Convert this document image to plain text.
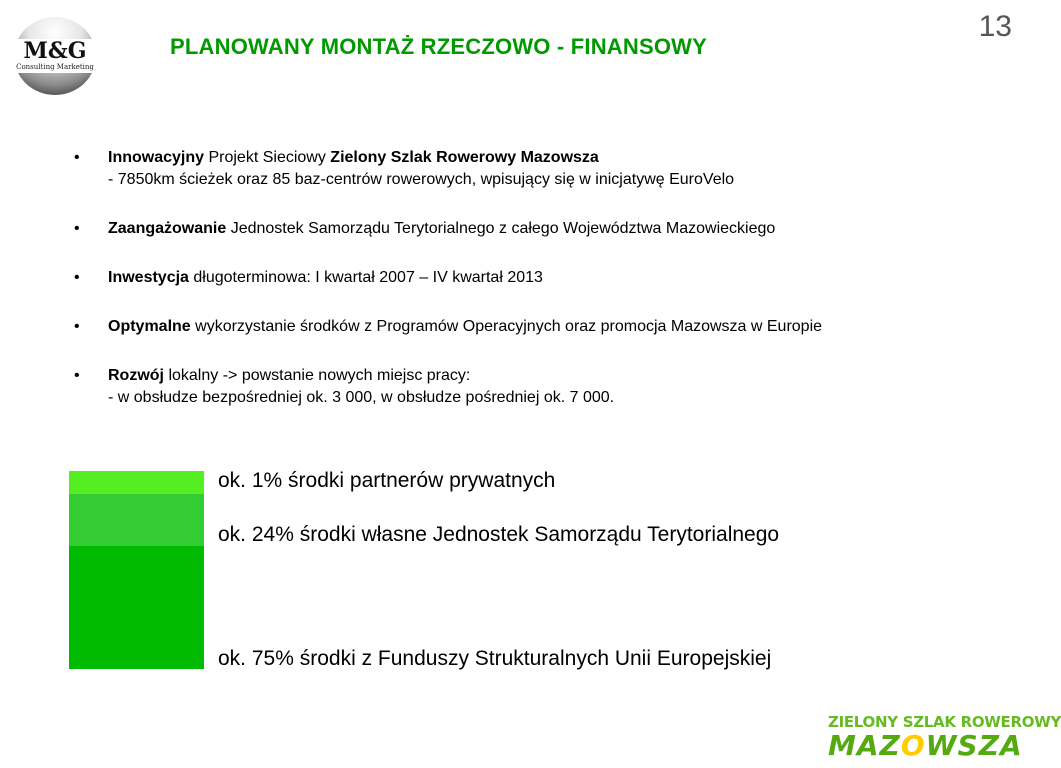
M&G
Consulting Marketing
PLANOWANY MONTAŻ RZECZOWO - FINANSOWY
13
• Innowacyjny Projekt Sieciowy Zielony Szlak Rowerowy Mazowsza
- 7850km ścieżek oraz 85 baz-centrów rowerowych, wpisujący się w inicjatywę EuroVelo
• Zaangażowanie Jednostek Samorządu Terytorialnego z całego Województwa Mazowieckiego
• Inwestycja długoterminowa: I kwartał 2007 – IV kwartał 2013
• Optymalne wykorzystanie środków z Programów Operacyjnych oraz promocja Mazowsza w Europie
• Rozwój lokalny -> powstanie nowych miejsc pracy:
- w obsłudze bezpośredniej ok. 3 000, w obsłudze pośredniej ok. 7 000.
ok. 1% środki partnerów prywatnych
ok. 24% środki własne Jednostek Samorządu Terytorialnego
ok. 75% środki z Funduszy Strukturalnych Unii Europejskiej
ZIELONY SZLAK ROWEROWY
MAZOWSZA
